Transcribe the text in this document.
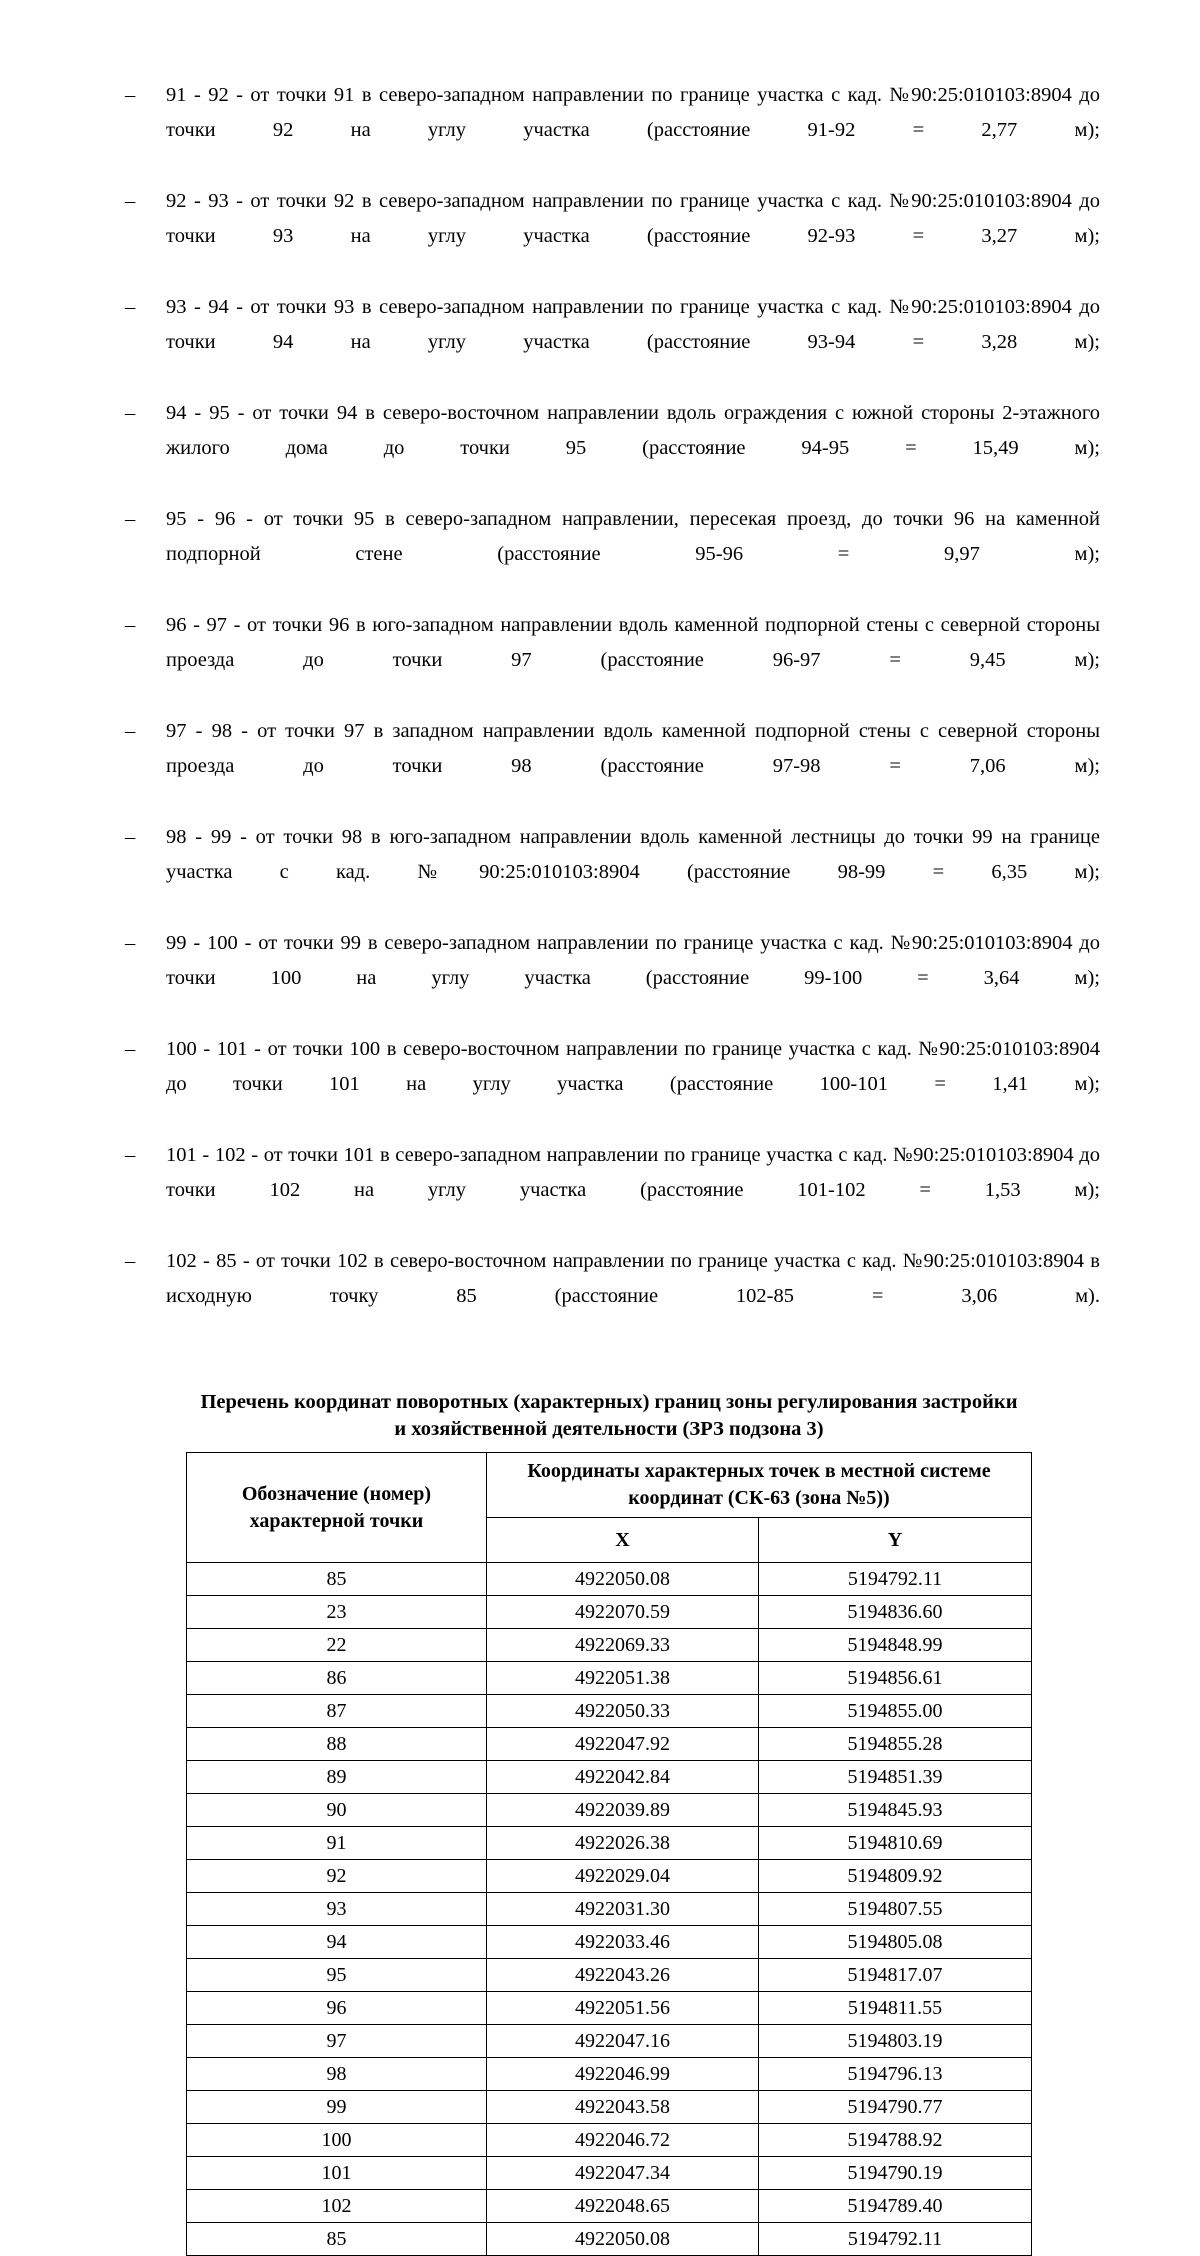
– 91 - 92 - от точки 91 в северо-западном направлении по границе участка с кад. №90:25:010103:8904 до точки 92 на углу участка (расстояние 91-92 = 2,77 м);
– 92 - 93 - от точки 92 в северо-западном направлении по границе участка с кад. №90:25:010103:8904 до точки 93 на углу участка (расстояние 92-93 = 3,27 м);
– 93 - 94 - от точки 93 в северо-западном направлении по границе участка с кад. №90:25:010103:8904 до точки 94 на углу участка (расстояние 93-94 = 3,28 м);
– 94 - 95 - от точки 94 в северо-восточном направлении вдоль ограждения с южной стороны 2-этажного жилого дома до точки 95 (расстояние 94-95 = 15,49 м);
– 95 - 96 - от точки 95 в северо-западном направлении, пересекая проезд, до точки 96 на каменной подпорной стене (расстояние 95-96 = 9,97 м);
– 96 - 97 - от точки 96 в юго-западном направлении вдоль каменной подпорной стены с северной стороны проезда до точки 97 (расстояние 96-97 = 9,45 м);
– 97 - 98 - от точки 97 в западном направлении вдоль каменной подпорной стены с северной стороны проезда до точки 98 (расстояние 97-98 = 7,06 м);
– 98 - 99 - от точки 98 в юго-западном направлении вдоль каменной лестницы до точки 99 на границе участка с кад. №90:25:010103:8904 (расстояние 98-99 = 6,35 м);
– 99 - 100 - от точки 99 в северо-западном направлении по границе участка с кад. №90:25:010103:8904 до точки 100 на углу участка (расстояние 99-100 = 3,64 м);
– 100 - 101 - от точки 100 в северо-восточном направлении по границе участка с кад. №90:25:010103:8904 до точки 101 на углу участка (расстояние 100-101 = 1,41 м);
– 101 - 102 - от точки 101 в северо-западном направлении по границе участка с кад. №90:25:010103:8904 до точки 102 на углу участка (расстояние 101-102 = 1,53 м);
– 102 - 85 - от точки 102 в северо-восточном направлении по границе участка с кад. №90:25:010103:8904 в исходную точку 85 (расстояние 102-85 = 3,06 м).
Перечень координат поворотных (характерных) границ зоны регулирования застройки
и хозяйственной деятельности (ЗРЗ подзона 3)
Обозначение (номер) характерной точки	Координаты характерных точек в местной системе координат (СК-63 (зона №5))	
	X	Y
85	4922050.08	5194792.11
23	4922070.59	5194836.60
22	4922069.33	5194848.99
86	4922051.38	5194856.61
87	4922050.33	5194855.00
88	4922047.92	5194855.28
89	4922042.84	5194851.39
90	4922039.89	5194845.93
91	4922026.38	5194810.69
92	4922029.04	5194809.92
93	4922031.30	5194807.55
94	4922033.46	5194805.08
95	4922043.26	5194817.07
96	4922051.56	5194811.55
97	4922047.16	5194803.19
98	4922046.99	5194796.13
99	4922043.58	5194790.77
100	4922046.72	5194788.92
101	4922047.34	5194790.19
102	4922048.65	5194789.40
85	4922050.08	5194792.11
